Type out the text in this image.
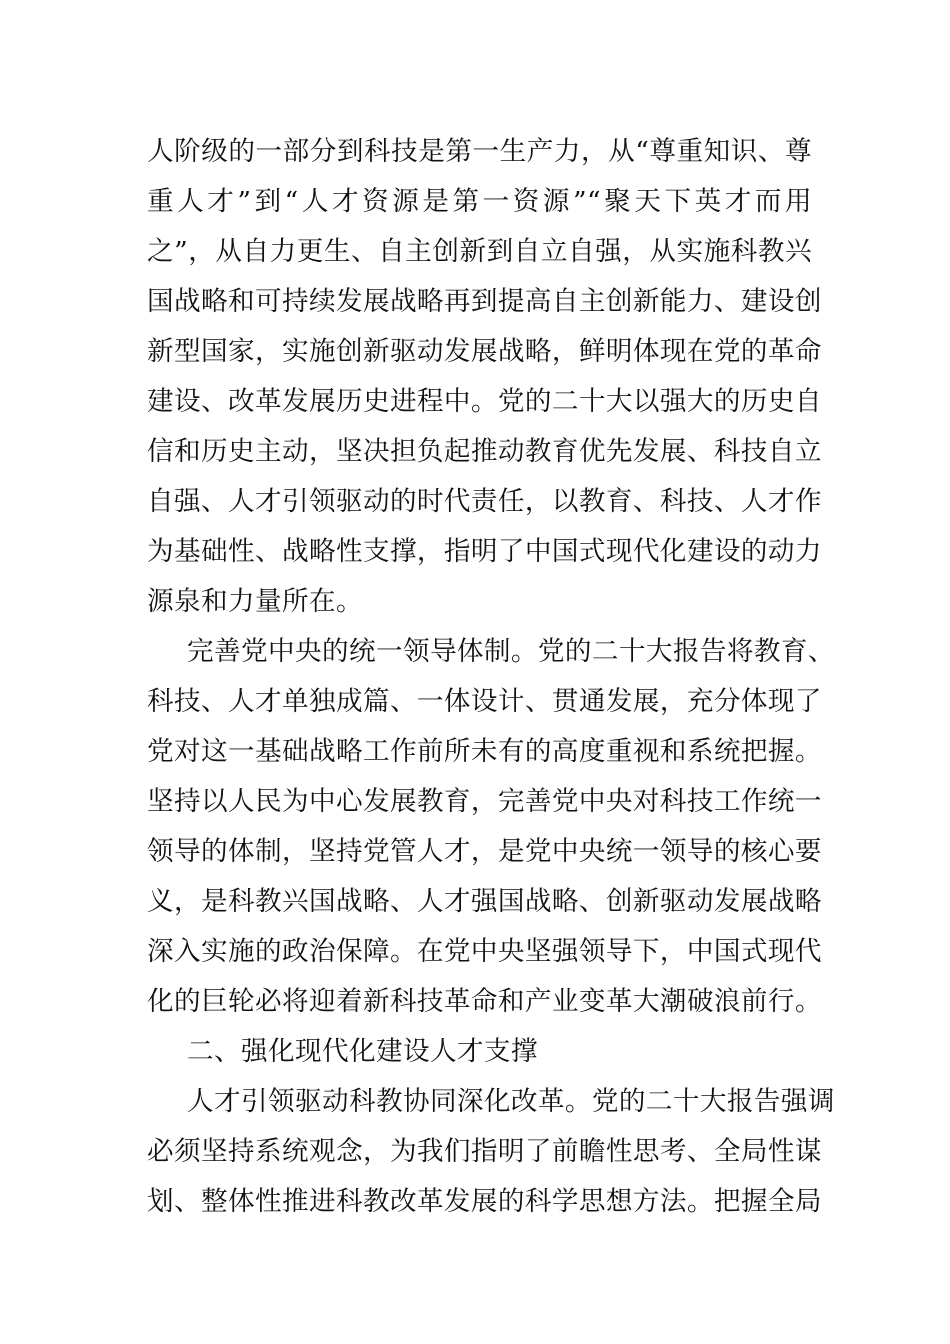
人阶级的一部分到科技是第一生产力，从“尊重知识、尊
重人才”到“人才资源是第一资源”“聚天下英才而用
之”，从自力更生、自主创新到自立自强，从实施科教兴
国战略和可持续发展战略再到提高自主创新能力、建设创
新型国家，实施创新驱动发展战略，鲜明体现在党的革命
建设、改革发展历史进程中。党的二十大以强大的历史自
信和历史主动，坚决担负起推动教育优先发展、科技自立
自强、人才引领驱动的时代责任，以教育、科技、人才作
为基础性、战略性支撑，指明了中国式现代化建设的动力
源泉和力量所在。
完善党中央的统一领导体制。党的二十大报告将教育、
科技、人才单独成篇、一体设计、贯通发展，充分体现了
党对这一基础战略工作前所未有的高度重视和系统把握。
坚持以人民为中心发展教育，完善党中央对科技工作统一
领导的体制，坚持党管人才，是党中央统一领导的核心要
义，是科教兴国战略、人才强国战略、创新驱动发展战略
深入实施的政治保障。在党中央坚强领导下，中国式现代
化的巨轮必将迎着新科技革命和产业变革大潮破浪前行。
二、强化现代化建设人才支撑
人才引领驱动科教协同深化改革。党的二十大报告强调
必须坚持系统观念，为我们指明了前瞻性思考、全局性谋
划、整体性推进科教改革发展的科学思想方法。把握全局
